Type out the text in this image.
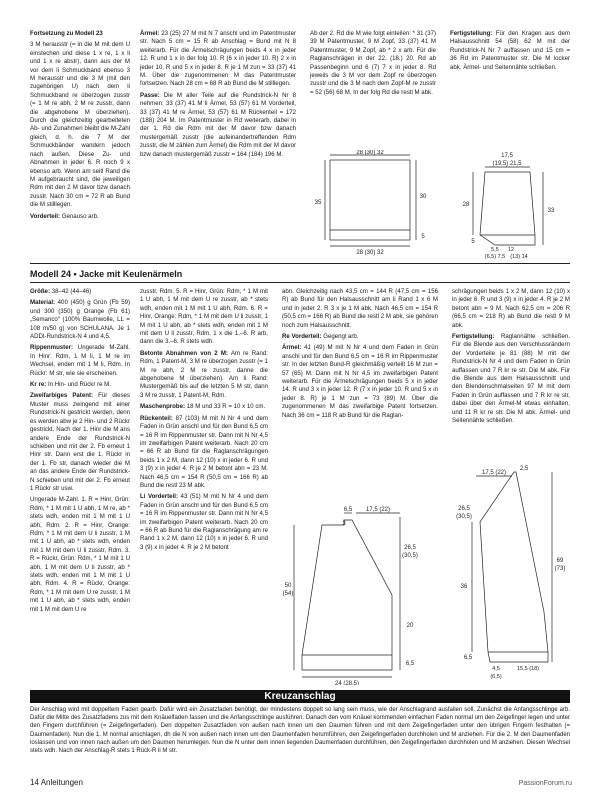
Fortsetzung zu Modell 23

3 M herausstr (= in die M mit dem U einstechen und diese 1 x re, 1 x li und 1 x re abstr), dann aus der M vor dem li Schmuckband ebenso 3 M herausstr und die 3 M (mit den zugehörigen U) nach dem li Schmuckband re überzogen zusstr (= 1 M re abh, 2 M re zusstr, dann die abgehobene M überziehen). Durch die gleichzeitig gearbeiteten Ab- und Zunahmen bleibt die M-Zahl gleich, d. h. die 7 M der Schmuckbänder wandern jedoch nach außen. Diese Zu- und Abnahmen in jeder 6. R noch 9 x ebenso arb. Wenn am seitl Rand die M aufgebraucht sind, die jeweiligen Rdm mit den 2 M davor bzw danach zusstr. Nach 30 cm = 72 R ab Bund die M stilllegen.

Vorderteil: Genauso arb.

Ärmel: 23 (25) 27 M mit N 7 anschl und im Patentmuster str. Nach 5 cm = 15 R ab Anschlag = Bund mit N 8 weiterarb. Für die Ärmelschrägungen beids 4 x in jeder 12. R und 1 x in der folg 10. R (6 x in jeder 10. R) 2 x in jeder 10. R und 5 x in jeder 8. R je 1 M zun = 33 (37) 41 M. Über die zugenommenen M das Patentmuster fortsetzen. Nach 28 cm = 68 R ab Bund die M stilllegen.

Passe: Die M aller Teile auf die Rundstrick-N Nr 8 nehmen: 33 (37) 41 M li Ärmel, 53 (57) 61 M Vorderteil, 33 (37) 41 M re Ärmel, 53 (57) 61 M Rückenteil = 172 (188) 204 M. Im Patentmuster in Rd weiterarb, dabei in der 1. Rd die Rdm mit der M davor bzw danach mustergemäß zusstr (die aufeinandertreffenden Rdm zusstr, die M zählen zum Ärmel) die Rdm mit der M davor bzw danach mustergemäß zusstr = 164 (184) 196 M.

Ab der 2. Rd die M wie folgt einteilen: * 31 (37) 39 M Patentmuster, 9 M Zopf, 33 (37) 41 M Patentmuster, 9 M Zopf, ab * 2 x arb. Für die Raglanschrägen in der 22. (18.) 20. Rd ab Passenbeginn und 6 (7) 7 x in jeder 8. Rd jeweils die 3 M vor dem Zopf re überzogen zusstr und die 3 M nach dem Zopf-M re zusstr = 52 (56) 68 M. In der folg Rd die restl M abk.

Fertigstellung: Für den Kragen aus dem Halsausschnitt 54 (58) 62 M mit der Rundstrick-N Nr 7 auffassen und 15 cm = 36 Rd im Patentmuster str. Die M locker abk. Ärmel- und Seitennähte schließen.

28 (30) 32
35
30
5
28 (30) 32
17,5
(19,5) 21,5
28
33
5
5,5 12
(6,5) 7,5 (13) 14
Modell 24 • Jacke mit Keulenärmeln

Größe: 38–42 (44–46)

Material: 400 (450) g Grün (Fb 59) und 300 (350) g Orange (Fb 61) „Semanco“ (100% Baumwolle, LL = 108 m/50 g) von SCHULANA. Je 1 ADDI-Rundstrick-N 4 und 4,5.

Rippenmuster: Ungerade M-Zahl. In Hinr: Rdm, 1 M li, 1 M re im Wechsel, enden mit 1 M li, Rdm. In Rückr: M str, wie sie erscheinen.

Kr re: In Hin- und Rückr re M.

Zweifarbiges Patent: Für dieses Muster muss zwingend mit einer Rundstrick-N gestrickt werden, denn es werden abw je 2 Hin- und 2 Rückr gestrickt. Nach der 1. Hinr die M ans andere Ende der Rundstrick-N schieben und mit der 2. Fb erneut 1 Hinr str. Dann erst die 1. Rückr in der 1. Fb str, danach wieder die M an das andere Ende der Rundstrick-N schieben und mit der 2. Fb erneut 1 Rückr str usw.

Ungerade M-Zahl. 1. R = Hinr, Grün: Rdm, * 1 M mit 1 U abh, 1 M re, ab * stets wdh, enden mit 1 M mit 1 U abh, Rdm. 2. R = Hinr, Orange: Rdm, * 1 M mit dem U li zusstr, 1 M mit 1 U abh, ab * stets wdh, enden mit 1 M mit dem U li zusstr, Rdm. 3. R = Rückr, Grün: Rdm, * 1 M mit 1 U abh, 1 M mit dem U li zusstr, ab * stets wdh, enden mit 1 M mit 1 U abh, Rdm. 4. R = Rückr, Orange: Rdm, * 1 M mit dem U re zusstr, 1 M mit 1 U abh, ab * stets wdh, enden mit 1 M mit dem U re

zusstr, Rdm. 5. R = Hinr, Grün: Rdm, * 1 M mit 1 U abh, 1 M mit dem U re zusstr, ab * stets wdh, enden mit 1 M mit 1 U abh, Rdm. 6. R = Hinr, Orange: Rdm, * 1 M mit dem U li zusstr, 1 M mit 1 U abh, ab * stets wdh, enden mit 1 M mit dem U li zusstr, Rdm. 1 x die 1.–6. R arb, dann die 3.–6. R stets wdh.

Betonte Abnahmen von 2 M: Am re Rand: Rdm, 1 Patent-M, 3 M re überzogen zusstr (= 1 M re abh, 2 M re zusstr, danne die abgehobene M überziehen). Am li Rand: Mustergemäß bis auf die letzten 5 M str, dann 3 M re zusstr, 1 Patent-M, Rdm.

Maschenprobe: 18 M und 33 R = 10 x 10 cm.

Rückenteil: 87 (103) M mit N Nr 4 und dem Faden in Grün anschl und für den Bund 6,5 cm = 16 R im Rippenmuster str. Dann mit N Nr 4,5 im zweifarbigen Patent weiterarb. Nach 20 cm = 66 R ab Bund für die Raglanschrägungen beids 1 x 2 M, dann 12 (10) x in jeder 6. R und 3 (9) x in jeder 4. R je 2 M betont abn = 23 M. Nach 46,5 cm = 154 R (50,5 cm = 166 R) ab Bund die restl 23 M abk.

Li Vorderteil: 43 (51) M mit N Nr 4 und dem Faden in Grün anschl und für den Bund 6,5 cm = 16 R im Rippenmuster str. Dann mit N Nr 4,5 im zweifarbigen Patent weiterarb. Nach 20 cm = 66 R ab Bund für die Raglanschrägung am re Rand 1 x 2 M, dann 12 (10) x in jeder 6. R und 3 (9) x in jeder 4. R je 2 M betont

abn. Gleichzeitig nach 43,5 cm = 144 R (47,5 cm = 156 R) ab Bund für den Halsausschnitt am li Rand 1 x 6 M und in jeder 2. R 3 x je 1 M abk. Nach 46,5 cm = 154 R (50,5 cm = 166 R) ab Bund die restl 2 M abk, sie gehören noch zum Halsausschnitt.

Re Vorderteil: Gegengl arb.

Ärmel: 41 (49) M mit N Nr 4 und dem Faden in Grün anschl und für den Bund 6,5 cm = 16 R im Rippenmuster str. In der letzten Bund-R gleichmäßig verteilt 16 M zun = 57 (65) M. Dann mit N Nr 4,5 im zweifarbigen Patent weiterarb. Für die Ärmelschrägungen beids 5 x in jeder 14. R und 3 x in jeder 12. R (7 x in jeder 10. R und 5 x in jeder 8. R) je 1 M zun = 73 (89) M. Über die zugenommenen M das zweifarbige Patent fortsetzen. Nach 36 cm = 118 R ab Bund für die Raglan-

schrägungen beids 1 x 2 M, dann 12 (10) x in jeder 6. R und 3 (9) x in jeder 4. R je 2 M betont abn = 9 M. Nach 62,5 cm = 206 R (66,5 cm = 218 R) ab Bund die restl 9 M abk.

Fertigstellung: Raglannähte schließen. Für die Blende aus den Verschlussrändern der Vorderteile je 81 (88) M mit der Rundstrick-N Nr 4 und dem Faden in Grün auffassen und 7 R kr re str. Die M abk. Für die Blende aus dem Halsausschnitt und den Blendenschmalseiten 97 M mit dem Faden in Grün auffassen und 7 R kr re str, dabei über den Ärmel-M etwas einhalten, und 11 R kr re str. Die M abk. Ärmel- und Seitennähte schließen.

3
6,5 17,5 (22)
26,5
(30,5)
20
50
(54)
6,5
24 (28,5)
17,5 (22)
2,5
26,5
(30,5)
69
(73)
36
6,5
4,5
(6,5)
15,5 (18)
Kreuzanschlag
Der Anschlag wird mit doppeltem Faden gearb. Dafür wird ein Zusatzfaden benötigt, der mindestens doppelt so lang sein muss, wie der Anschlagrand ausfallen soll. Zunächst die Anfangsschlinge arb. Dafür die Mitte des Zusatzfadens zus mit dem Knäuelfaden fassen und die Anfangsschlinge ausführen. Danach den vom Knäuel kommenden einfachen Faden normal um den Zeigefinger legen und unter den Fingern durchführen (= Zeigefingerfaden). Den doppelten Zusatzfaden von außen nach innen um den Daumen führen und mit dem Zeigefingerfaden unter den übrigen Fingern festhalten (= Daumenfaden). Nun die 1. M normal anschlagen, dh die N von außen nach innen um den Daumenfaden herumführen, den Zeigefingerfaden durchholen und M anziehen. Für die 2. M den Daumenfaden loslassen und von innen nach außen um den Daumen herumlegen. Nun die N unter dem innen liegenden Daumenfaden durchführen, den Zeigefingerfaden durchholen und M anziehen. Diesen Wechsel stets wdh. Nach der Anschlag-R stets 1 Rück-R li M str.
14 Anleitungen	PassionForum.ru
